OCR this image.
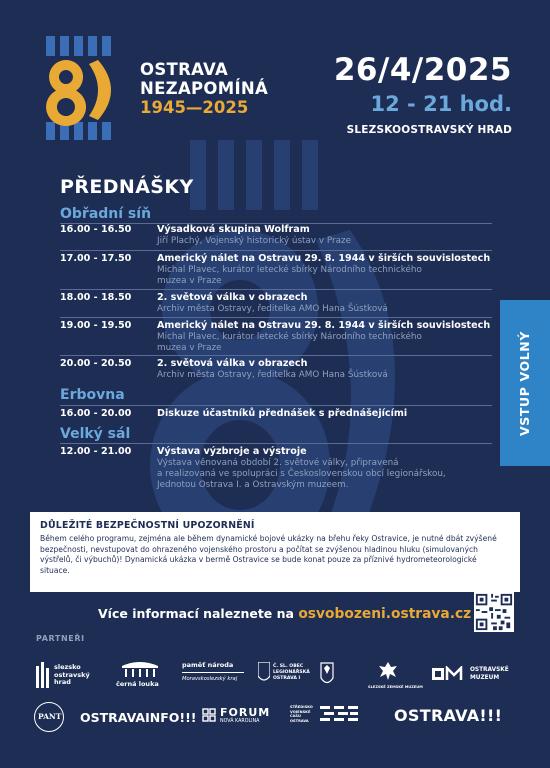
OSTRAVA
NEZAPOMÍNÁ
1945—2025
26/4/2025
12 - 21 hod.
SLEZSKOOSTRAVSKÝ HRAD
PŘEDNÁŠKY
Obřadní síň
16.00 - 16.50	Výsadková skupina Wolfram
Jiří Plachý, Vojenský historický ústav v Praze
17.00 - 17.50	Americký nálet na Ostravu 29. 8. 1944 v širších souvislostech
Michal Plavec, kurátor letecké sbírky Národního technického
muzea v Praze
18.00 - 18.50	2. světová válka v obrazech
Archiv města Ostravy, ředitelka AMO Hana Šústková
19.00 - 19.50	Americký nálet na Ostravu 29. 8. 1944 v širších souvislostech
Michal Plavec, kurátor letecké sbírky Národního technického
muzea v Praze
20.00 - 20.50	2. světová válka v obrazech
Archiv města Ostravy, ředitelka AMO Hana Šústková
Erbovna
16.00 - 20.00	Diskuze účastníků přednášek s přednášejícími
Velký sál
12.00 - 21.00	Výstava výzbroje a výstroje
Výstava věnovaná období 2. světové války, připravená
a realizovaná ve spolupráci s Československou obcí legionářskou,
Jednotou Ostrava I. a Ostravským muzeem.
VSTUP VOLNÝ
DŮLEŽITÉ BEZPEČNOSTNÍ UPOZORNĚNÍ
Během celého programu, zejména ale během dynamické bojové ukázky na břehu řeky Ostravice, je nutné dbát zvýšené bezpečnosti, nevstupovat do ohrazeného vojenského prostoru a počítat se zvýšenou hladinou hluku (simulovaných výstřelů, či výbuchů)! Dynamická ukázka v bermě Ostravice se bude konat pouze za příznivé hydrometeorologické situace.
Více informací naleznete na osvobozeni.ostrava.cz
PARTNEŘI
slezsko
ostravský
hrad	černá louka
paměť národa
Moravskoslezský kraj
Č. SL. OBEC
LEGIONÁŘSKÁ
OSTRAVA I
SLEZSKÉ ZEMSKÉ MUZEUM
OSTRAVSKÉ
MUZEUM
PANT OSTRAVAINFO!!! FORUM
NOVÁ KAROLINA
STŘEDISKO
VOJENSKÉ
ČASU
OSTRAVA	OSTRAVA!!!
